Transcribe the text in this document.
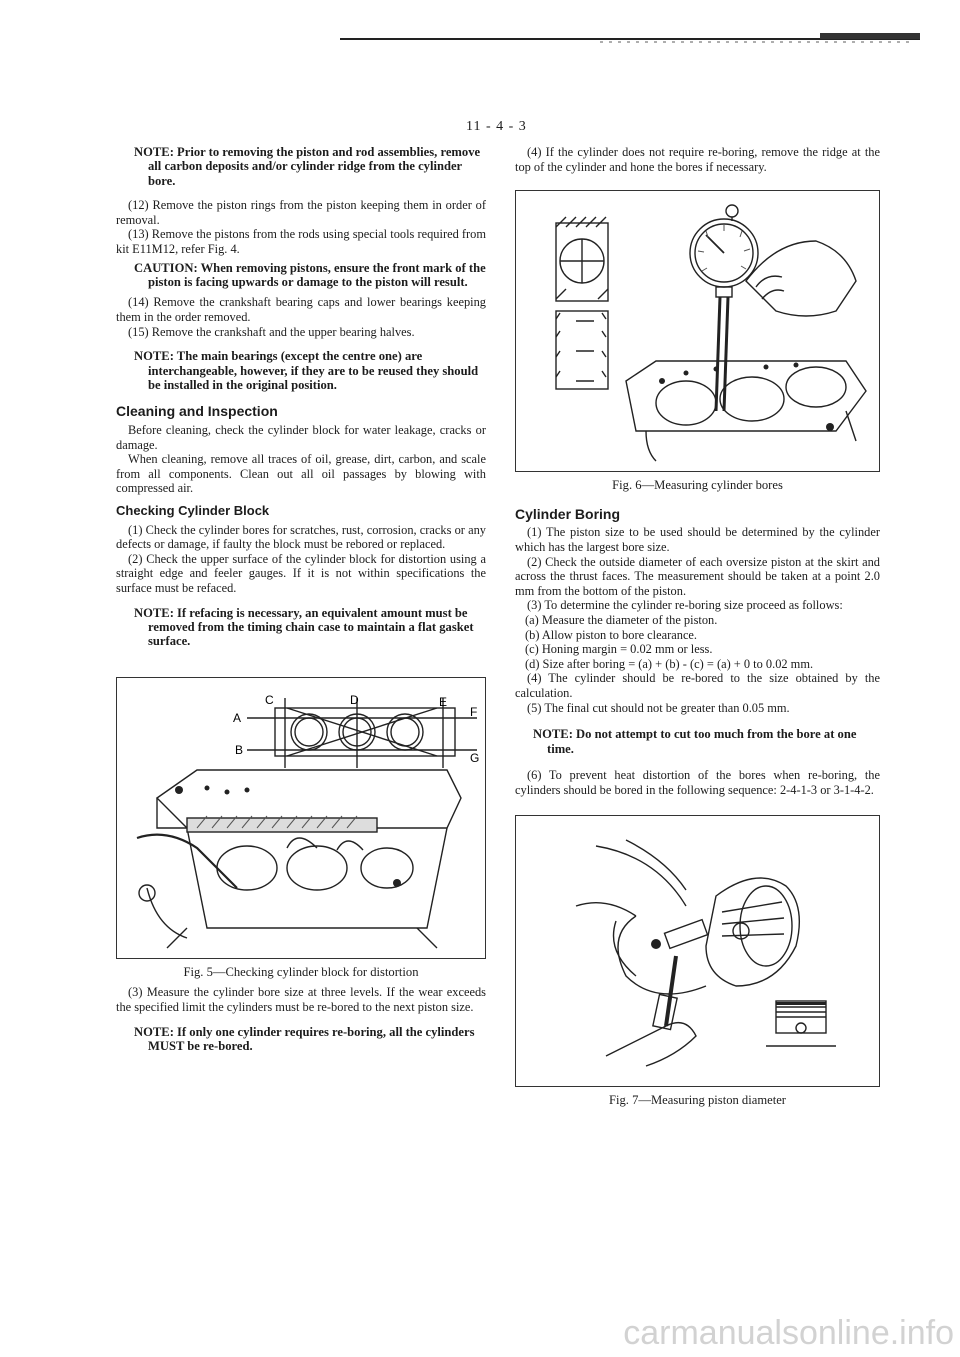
11 - 4 - 3

NOTE: Prior to removing the piston and rod assemblies, remove all carbon deposits and/or cylinder ridge from the cylinder bore.

(12) Remove the piston rings from the piston keeping them in order of removal.

(13) Remove the pistons from the rods using special tools required from kit E11M12, refer Fig. 4.

CAUTION: When removing pistons, ensure the front mark of the piston is facing upwards or damage to the piston will result.

(14) Remove the crankshaft bearing caps and lower bearings keeping them in the order removed.

(15) Remove the crankshaft and the upper bearing halves.

NOTE: The main bearings (except the centre one) are interchangeable, however, if they are to be reused they should be installed in the original position.

Cleaning and Inspection

Before cleaning, check the cylinder block for water leakage, cracks or damage.

When cleaning, remove all traces of oil, grease, dirt, carbon, and scale from all components. Clean out all oil passages by blowing with compressed air.

Checking Cylinder Block

(1) Check the cylinder bores for scratches, rust, corrosion, cracks or any defects or damage, if faulty the block must be rebored or replaced.

(2) Check the upper surface of the cylinder block for distortion using a straight edge and feeler gauges. If it is not within specifications the surface must be refaced.

NOTE: If refacing is necessary, an equivalent amount must be removed from the timing chain case to maintain a flat gasket surface.

C	D	E
A	F
B
G
Fig. 5—Checking cylinder block for distortion

(3) Measure the cylinder bore size at three levels. If the wear exceeds the specified limit the cylinders must be re-bored to the next piston size.

NOTE: If only one cylinder requires re-boring, all the cylinders MUST be re-bored.

(4) If the cylinder does not require re-boring, remove the ridge at the top of the cylinder and hone the bores if necessary.

Fig. 6—Measuring cylinder bores
Cylinder Boring

(1) The piston size to be used should be determined by the cylinder which has the largest bore size.

(2) Check the outside diameter of each oversize piston at the skirt and across the thrust faces. The measurement should be taken at a point 2.0 mm from the bottom of the piston.

(3) To determine the cylinder re-boring size proceed as follows:

(a) Measure the diameter of the piston.

(b) Allow piston to bore clearance.

(c) Honing margin = 0.02 mm or less.

(d) Size after boring = (a) + (b) - (c) = (a) + 0 to 0.02 mm.

(4) The cylinder should be re-bored to the size obtained by the calculation.

(5) The final cut should not be greater than 0.05 mm.

NOTE: Do not attempt to cut too much from the bore at one time.

(6) To prevent heat distortion of the bores when re-boring, the cylinders should be bored in the following sequence: 2-4-1-3 or 3-1-4-2.

Fig. 7—Measuring piston diameter
carmanualsonline.info
